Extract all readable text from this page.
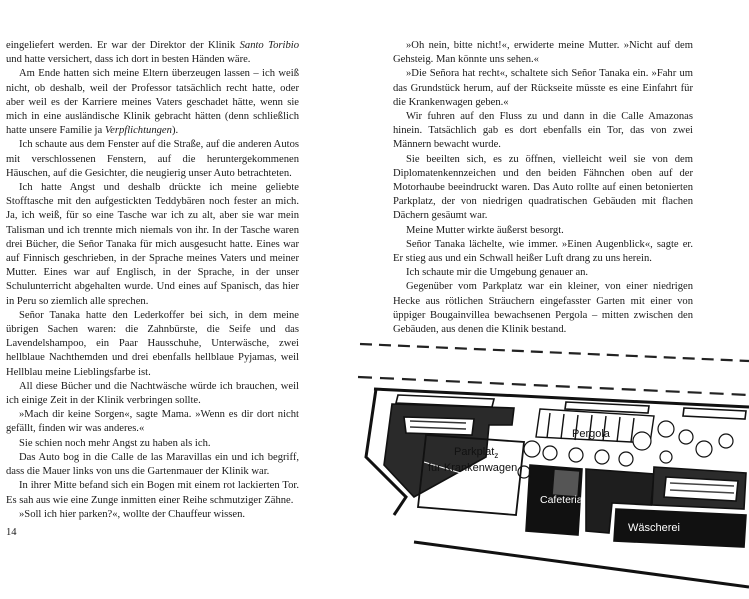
eingeliefert werden. Er war der Direktor der Klinik Santo Toribio und hatte versichert, dass ich dort in besten Händen wäre.

Am Ende hatten sich meine Eltern überzeugen lassen – ich weiß nicht, ob deshalb, weil der Professor tatsächlich recht hatte, oder aber weil es der Karriere meines Vaters geschadet hätte, wenn sie mich in eine ausländische Klinik gebracht hätten (denn schließlich hatte unsere Familie ja Verpflichtungen).

Ich schaute aus dem Fenster auf die Straße, auf die anderen Autos mit verschlossenen Fenstern, auf die heruntergekommenen Häuschen, auf die Gesichter, die neugierig unser Auto betrachteten.

Ich hatte Angst und deshalb drückte ich meine geliebte Stofftasche mit den aufgestickten Teddybären noch fester an mich. Ja, ich weiß, für so eine Tasche war ich zu alt, aber sie war mein Talisman und ich trennte mich niemals von ihr. In der Tasche waren drei Bücher, die Señor Tanaka für mich ausgesucht hatte. Eines war auf Finnisch geschrieben, in der Sprache meines Vaters und meiner Mutter. Eines war auf Englisch, in der Sprache, in der unser Schulunterricht abgehalten wurde. Und eines auf Spanisch, das hier in Peru so ziemlich alle sprechen.

Señor Tanaka hatte den Lederkoffer bei sich, in dem meine übrigen Sachen waren: die Zahnbürste, die Seife und das Lavendelshampoo, ein Paar Hausschuhe, Unterwäsche, zwei hellblaue Nachthemden und drei ebenfalls hellblaue Pyjamas, weil Hellblau meine Lieblingsfarbe ist.

All diese Bücher und die Nachtwäsche würde ich brauchen, weil ich einige Zeit in der Klinik verbringen sollte.

»Mach dir keine Sorgen«, sagte Mama. »Wenn es dir dort nicht gefällt, finden wir was anderes.«

Sie schien noch mehr Angst zu haben als ich.

Das Auto bog in die Calle de las Maravillas ein und ich begriff, dass die Mauer links von uns die Gartenmauer der Klinik war.

In ihrer Mitte befand sich ein Bogen mit einem rot lackierten Tor. Es sah aus wie eine Zunge inmitten einer Reihe schmutziger Zähne.

»Soll ich hier parken?«, wollte der Chauffeur wissen.

14

»Oh nein, bitte nicht!«, erwiderte meine Mutter. »Nicht auf dem Gehsteig. Man könnte uns sehen.«

»Die Señora hat recht«, schaltete sich Señor Tanaka ein. »Fahr um das Grundstück herum, auf der Rückseite müsste es eine Einfahrt für die Krankenwagen geben.«

Wir fuhren auf den Fluss zu und dann in die Calle Amazonas hinein. Tatsächlich gab es dort ebenfalls ein Tor, das von zwei Männern bewacht wurde.

Sie beeilten sich, es zu öffnen, vielleicht weil sie von dem Diplomatenkennzeichen und den beiden Fähnchen oben auf der Motorhaube beeindruckt waren. Das Auto rollte auf einen betonierten Parkplatz, der von niedrigen quadratischen Gebäuden mit flachen Dächern gesäumt war.

Meine Mutter wirkte äußerst besorgt.

Señor Tanaka lächelte, wie immer. »Einen Augenblick«, sagte er. Er stieg aus und ein Schwall heißer Luft drang zu uns herein.

Ich schaute mir die Umgebung genauer an.

Gegenüber vom Parkplatz war ein kleiner, von einer niedrigen Hecke aus rötlichen Sträuchern eingefasster Garten mit einer von üppiger Bougainvillea bewachsenen Pergola – mitten zwischen den Gebäuden, aus denen die Klinik bestand.

Pergola
Parkplat$_z$
für Krankenwagen
Cafeteria
Wäscherei
